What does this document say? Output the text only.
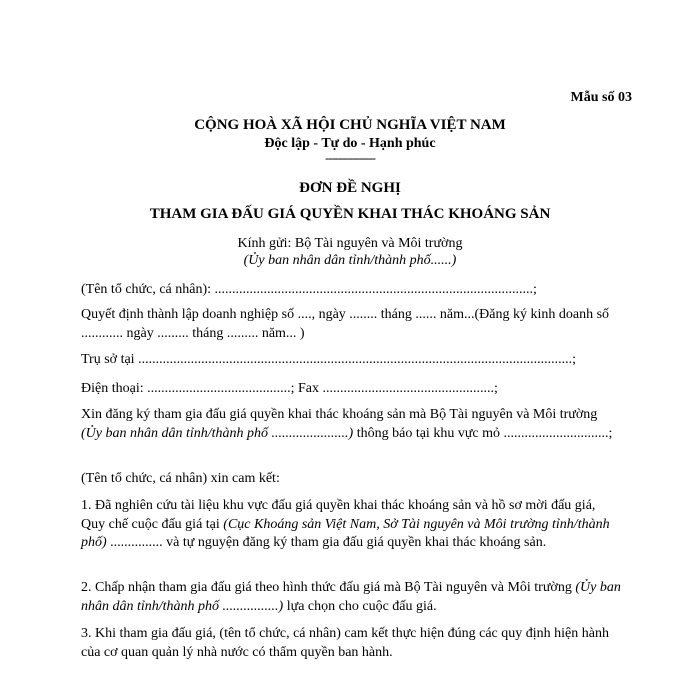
Mẫu số 03
CỘNG HOÀ XÃ HỘI CHỦ NGHĨA VIỆT NAM
Độc lập - Tự do - Hạnh phúc
---------------
ĐƠN ĐỀ NGHỊ
THAM GIA ĐẤU GIÁ QUYỀN KHAI THÁC KHOÁNG SẢN
Kính gửi: Bộ Tài nguyên và Môi trường
(Ủy ban nhân dân tỉnh/thành phố......)

(Tên tổ chức, cá nhân): ...........................................................................................;

Quyết định thành lập doanh nghiệp số ...., ngày ........ tháng ...... năm...(Đăng ký kinh doanh số ............ ngày ......... tháng ......... năm... )

Trụ sở tại ............................................................................................................................;

Điện thoại: .........................................; Fax .................................................;

Xin đăng ký tham gia đấu giá quyền khai thác khoáng sản mà Bộ Tài nguyên và Môi trường (Ủy ban nhân dân tỉnh/thành phố ......................) thông báo tại khu vực mỏ ..............................;

(Tên tổ chức, cá nhân) xin cam kết:

1. Đã nghiên cứu tài liệu khu vực đấu giá quyền khai thác khoáng sản và hồ sơ mời đấu giá, Quy chế cuộc đấu giá tại (Cục Khoáng sản Việt Nam, Sở Tài nguyên và Môi trường tỉnh/thành phố) ............... và tự nguyện đăng ký tham gia đấu giá quyền khai thác khoáng sản.

2. Chấp nhận tham gia đấu giá theo hình thức đấu giá mà Bộ Tài nguyên và Môi trường (Ủy ban nhân dân tỉnh/thành phố ................) lựa chọn cho cuộc đấu giá.

3. Khi tham gia đấu giá, (tên tổ chức, cá nhân) cam kết thực hiện đúng các quy định hiện hành của cơ quan quản lý nhà nước có thẩm quyền ban hành.
